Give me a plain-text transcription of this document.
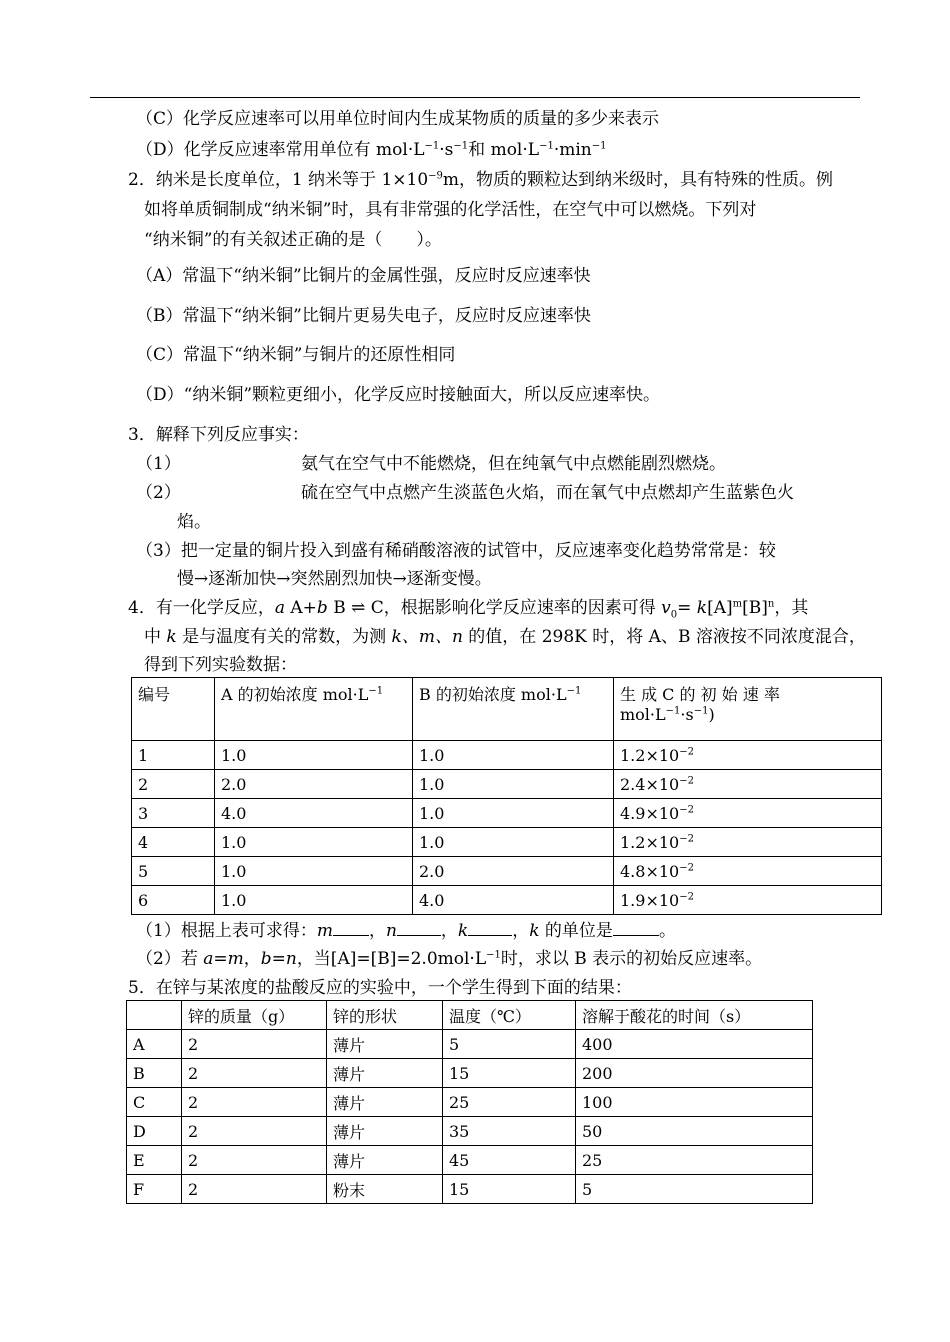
（C）化学反应速率可以用单位时间内生成某物质的质量的多少来表示
（D）化学反应速率常用单位有 $mol\cdot L^{-1}\cdot s^{-1}$和 $mol\cdot L^{-1}\cdot\min^{-1}$
2．纳米是长度单位，1 纳米等于 $1\times 10^{-9}m$，物质的颗粒达到纳米级时，具有特殊的性质。例
如将单质铜制成“纳米铜”时，具有非常强的化学活性，在空气中可以燃烧。下列对
“纳米铜”的有关叙述正确的是（　　）。
（A）常温下“纳米铜”比铜片的金属性强，反应时反应速率快
（B）常温下“纳米铜”比铜片更易失电子，反应时反应速率快
（C）常温下“纳米铜”与铜片的还原性相同
（D）“纳米铜”颗粒更细小，化学反应时接触面大，所以反应速率快。
3．解释下列反应事实：
（1）	氨气在空气中不能燃烧，但在纯氧气中点燃能剧烈燃烧。
（2）	硫在空气中点燃产生淡蓝色火焰，而在氧气中点燃却产生蓝紫色火
焰。
（3）把一定量的铜片投入到盛有稀硝酸溶液的试管中，反应速率变化趋势常常是：较
慢→逐渐加快→突然剧烈加快→逐渐变慢。
4．有一化学反应，a A+b B ⇌ C，根据影响化学反应速率的因素可得 $v_0= k[A]^m[B]^n$，其
中 k 是与温度有关的常数，为测 k、m、n 的值，在 298K 时，将 A、B 溶液按不同浓度混合，
得到下列实验数据：
编号	A 的初始浓度 $mol\cdot L^{-1}$	B 的初始浓度 $mol\cdot L^{-1}$	生 成 C 的 初 始 速 率 $mol\cdot L^{-1}\cdot s^{-1}$)
1	1.0	1.0	$1.2\times 10^{-2}$
2	2.0	1.0	$2.4\times 10^{-2}$
3	4.0	1.0	$4.9\times 10^{-2}$
4	1.0	1.0	$1.2\times 10^{-2}$
5	1.0	2.0	$4.8\times 10^{-2}$
6	1.0	4.0	$1.9\times 10^{-2}$
（1）根据上表可求得：m ，n	，k	，k 的单位是	。
（2）若 a=m，b=n，当$[A]=[B]=2.0mol\cdot L^{-1}$时，求以 B 表示的初始反应速率。
5．在锌与某浓度的盐酸反应的实验中，一个学生得到下面的结果：
	锌的质量（g）	锌的形状	温度（℃）	溶解于酸花的时间（s）
A	2	薄片	5	400
B	2	薄片	15	200
C	2	薄片	25	100
D	2	薄片	35	50
E	2	薄片	45	25
F	2	粉末	15	5
